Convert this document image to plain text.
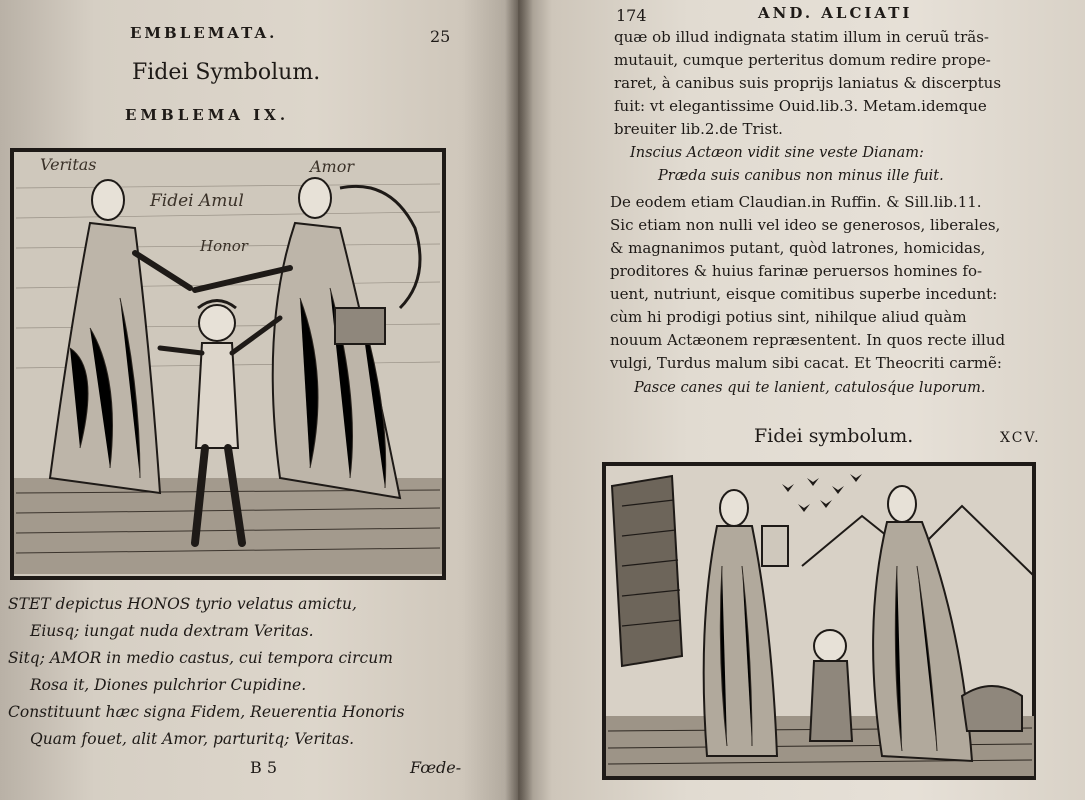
EMBLEMATA.	25
Fidei Symbolum.
EMBLEMA IX.
Veritas	Amor
Fidei Amul
Honor
STET depictus HONOS tyrio velatus amictu,
Eiusq; iungat nuda dextram Veritas.
Sitq; AMOR in medio castus, cui tempora circum
Rosa it, Diones pulchrior Cupidine.
Constituunt hæc signa Fidem, Reuerentia Honoris
Quam fouet, alit Amor, parturitq; Veritas.
B 5	Fœde-
174	AND. ALCIATI
quæ ob illud indignata statim illum in ceruũ trãs-
mutauit, cumque perteritus domum redire prope-
raret, à canibus suis proprijs laniatus & discerptus
fuit: vt elegantissime Ouid.lib.3. Metam.idemque
breuiter lib.2.de Trist.
Inscius Actæon vidit sine veste Dianam:
Præda suis canibus non minus ille fuit.
De eodem etiam Claudian.in Ruffin. & Sill.lib.11.
Sic etiam non nulli vel ideo se generosos, liberales,
& magnanimos putant, quòd latrones, homicidas,
proditores & huius farinæ peruersos homines fo-
uent, nutriunt, eisque comitibus superbe incedunt:
cùm hi prodigi potius sint, nihilque aliud quàm
nouum Actæonem repræsentent. In quos recte illud
vulgi, Turdus malum sibi cacat. Et Theocriti carmẽ:
Pasce canes qui te lanient, catulosq́ue luporum.
Fidei symbolum.	XCV.
